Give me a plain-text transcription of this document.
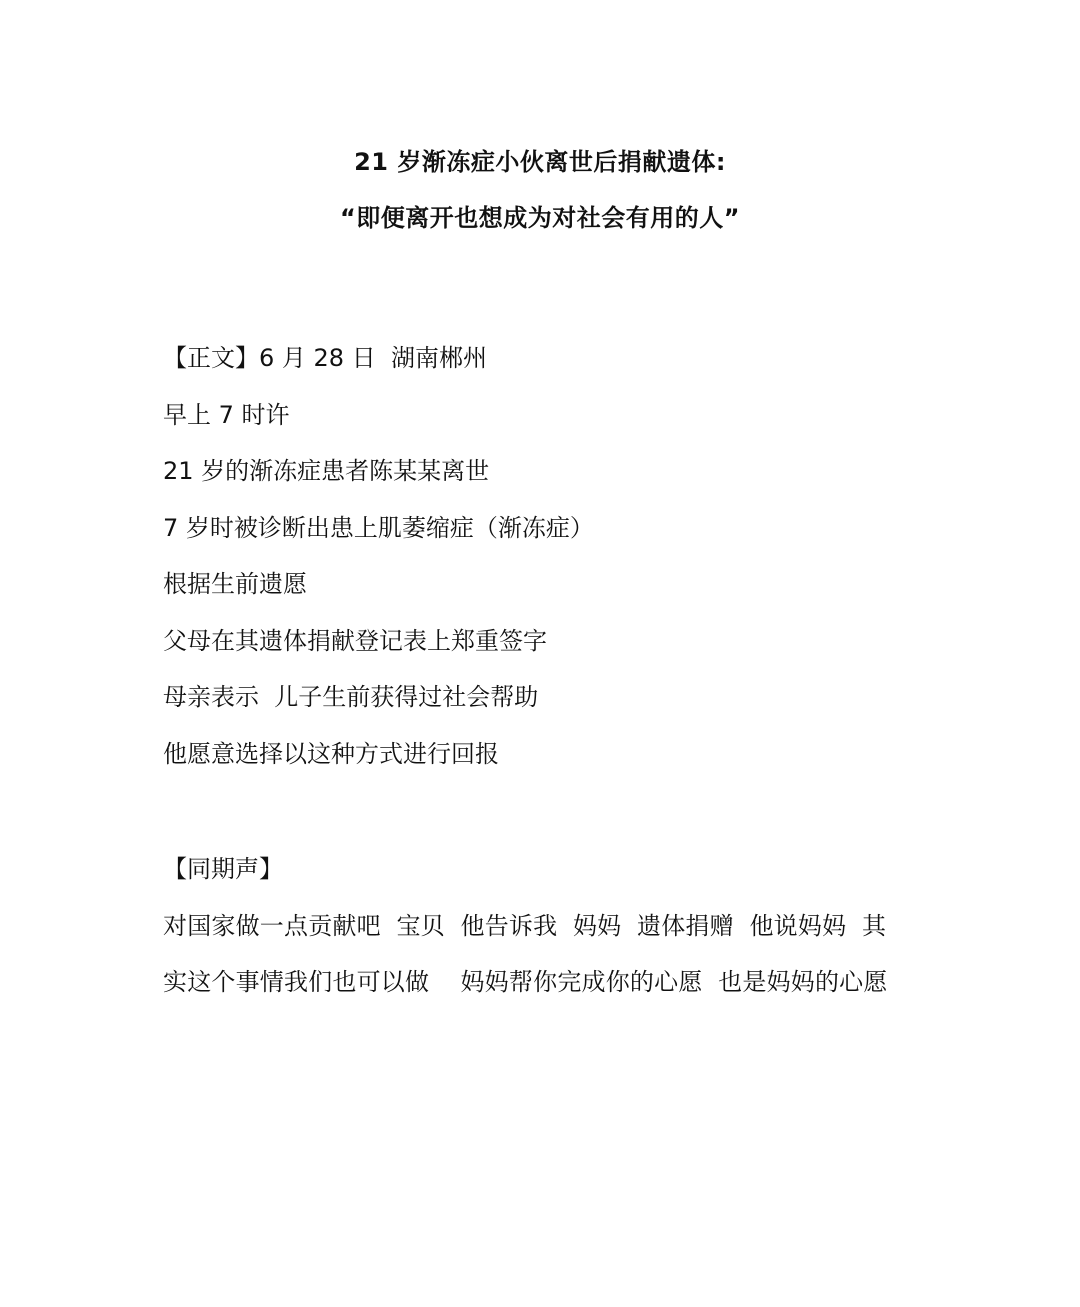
21 岁渐冻症小伙离世后捐献遗体:
“即便离开也想成为对社会有用的人”
【正文】6 月 28 日  湖南郴州
早上 7 时许
21 岁的渐冻症患者陈某某离世
7 岁时被诊断出患上肌萎缩症（渐冻症）
根据生前遗愿
父母在其遗体捐献登记表上郑重签字
母亲表示  儿子生前获得过社会帮助
他愿意选择以这种方式进行回报
【同期声】
对国家做一点贡献吧  宝贝  他告诉我  妈妈  遗体捐赠  他说妈妈  其
实这个事情我们也可以做    妈妈帮你完成你的心愿  也是妈妈的心愿
